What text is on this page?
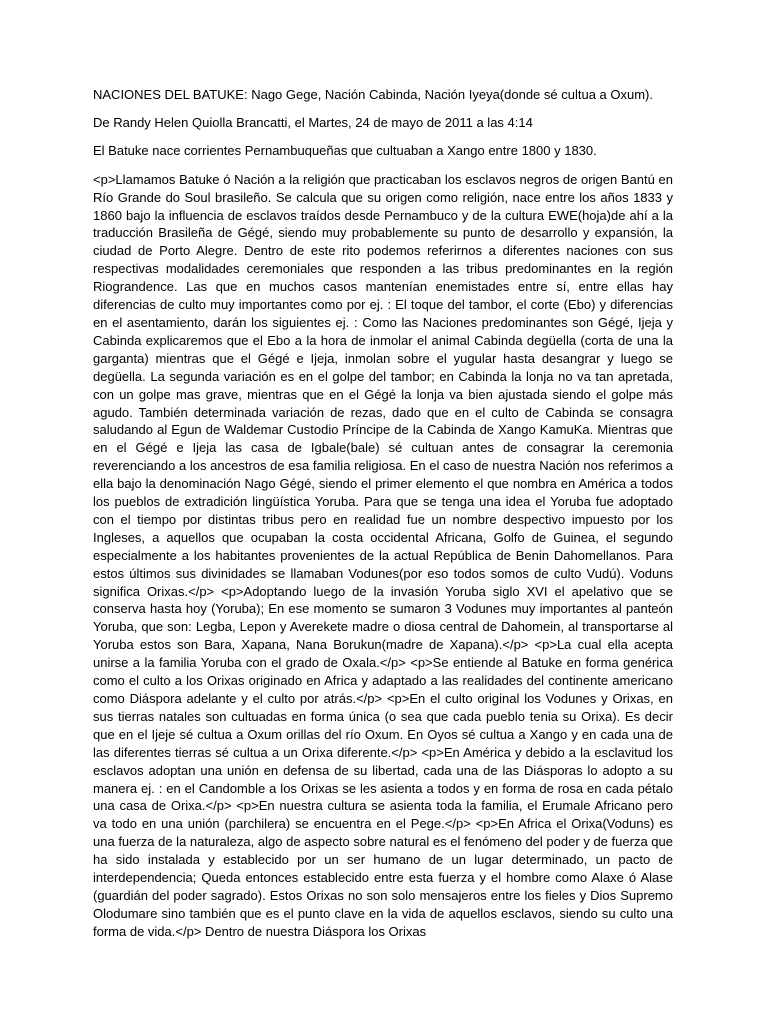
NACIONES DEL BATUKE: Nago Gege, Nación Cabinda, Nación Iyeya(donde sé cultua a Oxum).

De Randy Helen Quiolla Brancatti, el Martes, 24 de mayo de 2011 a las 4:14

El Batuke nace corrientes Pernambuqueñas que cultuaban a Xango entre 1800 y 1830.

<p>Llamamos Batuke ó Nación a la religión que practicaban los esclavos negros de origen Bantú en Río Grande do Soul brasileño. Se calcula que su origen como religión, nace entre los años 1833 y 1860 bajo la influencia de esclavos traídos desde Pernambuco y de la cultura EWE(hoja)de ahí a la traducción Brasileña de Gégé, siendo muy probablemente su punto de desarrollo y expansión, la ciudad de Porto Alegre. Dentro de este rito podemos referirnos a diferentes naciones con sus respectivas modalidades ceremoniales que responden a las tribus predominantes en la región Riograndence. Las que en muchos casos mantenían enemistades entre sí, entre ellas hay diferencias de culto muy importantes como por ej. : El toque del tambor, el corte (Ebo) y diferencias en el asentamiento, darán los siguientes ej. : Como las Naciones predominantes son Gégé, Ijeja y Cabinda explicaremos que el Ebo a la hora de inmolar el animal Cabinda degüella (corta de una la garganta) mientras que el Gégé e Ijeja, inmolan sobre el yugular hasta desangrar y luego se degüella. La segunda variación es en el golpe del tambor; en Cabinda la lonja no va tan apretada, con un golpe mas grave, mientras que en el Gégé la lonja va bien ajustada siendo el golpe más agudo. También determinada variación de rezas, dado que en el culto de Cabinda se consagra saludando al Egun de Waldemar Custodio Príncipe de la Cabinda de Xango KamuKa. Mientras que en el Gégé e Ijeja las casa de Igbale(bale) sé cultuan antes de consagrar la ceremonia reverenciando a los ancestros de esa familia religiosa. En el caso de nuestra Nación nos referimos a ella bajo la denominación Nago Gégé, siendo el primer elemento el que nombra en América a todos los pueblos de extradición lingüística Yoruba. Para que se tenga una idea el Yoruba fue adoptado con el tiempo por distintas tribus pero en realidad fue un nombre despectivo impuesto por los Ingleses, a aquellos que ocupaban la costa occidental Africana, Golfo de Guinea, el segundo especialmente a los habitantes provenientes de la actual República de Benin Dahomellanos. Para estos últimos sus divinidades se llamaban Vodunes(por eso todos somos de culto Vudú). Voduns significa Orixas.</p> <p>Adoptando luego de la invasión Yoruba siglo XVI el apelativo que se conserva hasta hoy (Yoruba); En ese momento se sumaron 3 Vodunes muy importantes al panteón Yoruba, que son: Legba, Lepon y Averekete madre o diosa central de Dahomein, al transportarse al Yoruba estos son Bara, Xapana, Nana Borukun(madre de Xapana).</p> <p>La cual ella acepta unirse a la familia Yoruba con el grado de Oxala.</p> <p>Se entiende al Batuke en forma genérica como el culto a los Orixas originado en Africa y adaptado a las realidades del continente americano como Diáspora adelante y el culto por atrás.</p> <p>En el culto original los Vodunes y Orixas, en sus tierras natales son cultuadas en forma única (o sea que cada pueblo tenia su Orixa). Es decir que en el Ijeje sé cultua a Oxum orillas del río Oxum. En Oyos sé cultua a Xango y en cada una de las diferentes tierras sé cultua a un Orixa diferente.</p> <p>En América y debido a la esclavitud los esclavos adoptan una unión en defensa de su libertad, cada una de las Diásporas lo adopto a su manera ej. : en el Candomble a los Orixas se les asienta a todos y en forma de rosa en cada pétalo una casa de Orixa.</p> <p>En nuestra cultura se asienta toda la familia, el Erumale Africano pero va todo en una unión (parchilera) se encuentra en el Pege.</p> <p>En Africa el Orixa(Voduns) es una fuerza de la naturaleza, algo de aspecto sobre natural es el fenómeno del poder y de fuerza que ha sido instalada y establecido por un ser humano de un lugar determinado, un pacto de interdependencia; Queda entonces establecido entre esta fuerza y el hombre como Alaxe ó Alase (guardián del poder sagrado). Estos Orixas no son solo mensajeros entre los fieles y Dios Supremo Olodumare sino también que es el punto clave en la vida de aquellos esclavos, siendo su culto una forma de vida.</p> Dentro de nuestra Diáspora los Orixas
